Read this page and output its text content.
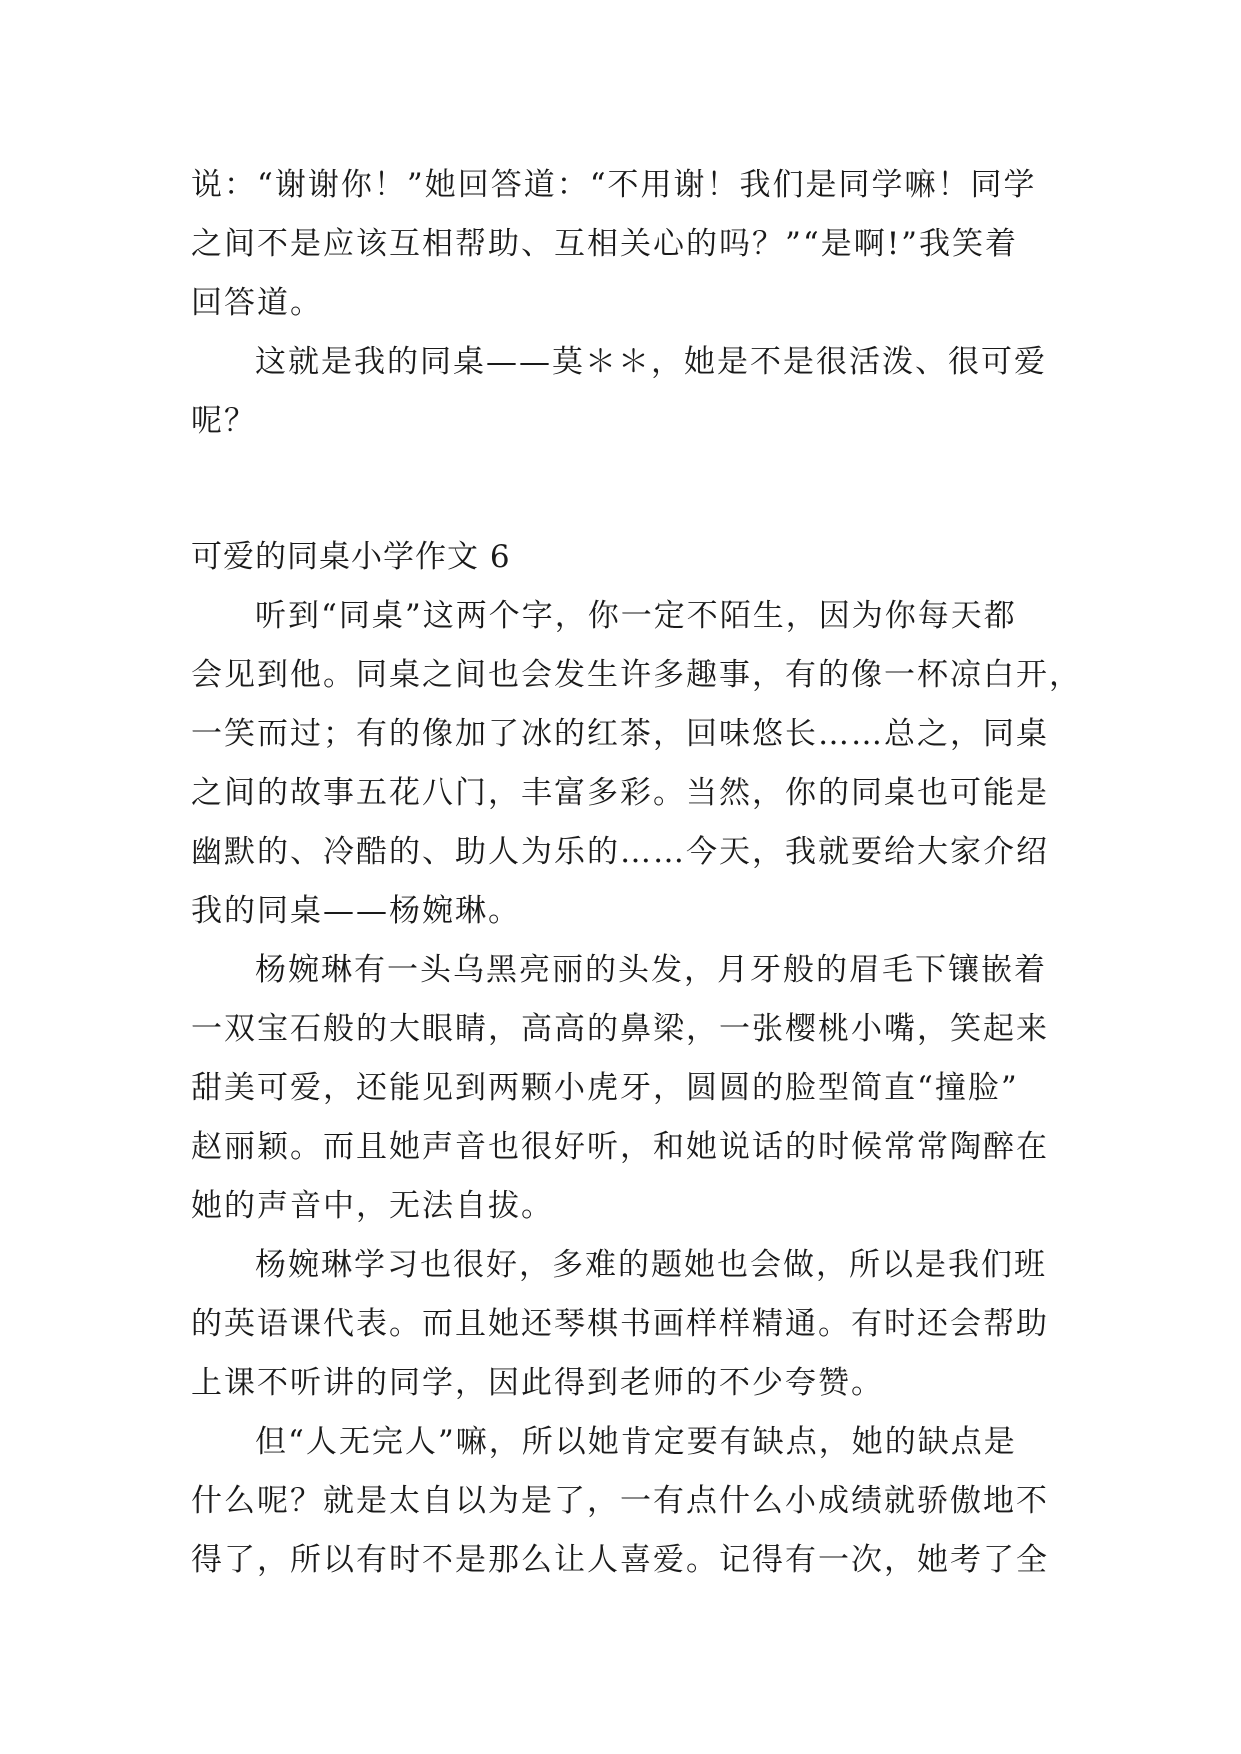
说：“谢谢你！”她回答道：“不用谢！我们是同学嘛！同学
之间不是应该互相帮助、互相关心的吗？”“是啊!”我笑着
回答道。
这就是我的同桌——莫＊＊，她是不是很活泼、很可爱
呢？
可爱的同桌小学作文 6
听到“同桌”这两个字，你一定不陌生，因为你每天都
会见到他。同桌之间也会发生许多趣事，有的像一杯凉白开，
一笑而过；有的像加了冰的红茶，回味悠长……总之，同桌
之间的故事五花八门，丰富多彩。当然，你的同桌也可能是
幽默的、冷酷的、助人为乐的……今天，我就要给大家介绍
我的同桌——杨婉琳。
杨婉琳有一头乌黑亮丽的头发，月牙般的眉毛下镶嵌着
一双宝石般的大眼睛，高高的鼻梁，一张樱桃小嘴，笑起来
甜美可爱，还能见到两颗小虎牙，圆圆的脸型简直“撞脸”
赵丽颖。而且她声音也很好听，和她说话的时候常常陶醉在
她的声音中，无法自拔。
杨婉琳学习也很好，多难的题她也会做，所以是我们班
的英语课代表。而且她还琴棋书画样样精通。有时还会帮助
上课不听讲的同学，因此得到老师的不少夸赞。
但“人无完人”嘛，所以她肯定要有缺点，她的缺点是
什么呢？就是太自以为是了，一有点什么小成绩就骄傲地不
得了，所以有时不是那么让人喜爱。记得有一次，她考了全
